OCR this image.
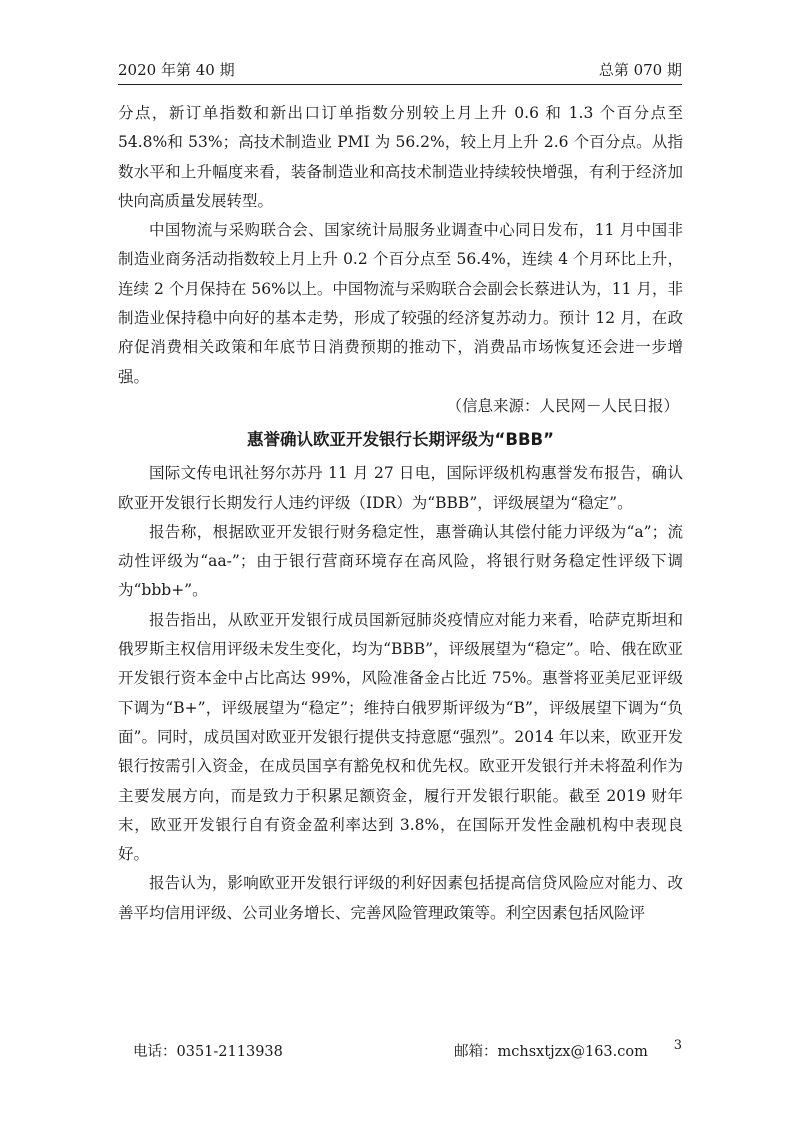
2020 年第 40 期	总第 070 期

分点，新订单指数和新出口订单指数分别较上月上升 0.6 和 1.3 个百分点至 54.8%和 53%；高技术制造业 PMI 为 56.2%，较上月上升 2.6 个百分点。从指数水平和上升幅度来看，装备制造业和高技术制造业持续较快增强，有利于经济加快向高质量发展转型。

中国物流与采购联合会、国家统计局服务业调查中心同日发布，11 月中国非制造业商务活动指数较上月上升 0.2 个百分点至 56.4%，连续 4 个月环比上升，连续 2 个月保持在 56%以上。中国物流与采购联合会副会长蔡进认为，11 月，非制造业保持稳中向好的基本走势，形成了较强的经济复苏动力。预计 12 月，在政府促消费相关政策和年底节日消费预期的推动下，消费品市场恢复还会进一步增强。

（信息来源：人民网－人民日报）

惠誉确认欧亚开发银行长期评级为“BBB”

国际文传电讯社努尔苏丹 11 月 27 日电，国际评级机构惠誉发布报告，确认欧亚开发银行长期发行人违约评级（IDR）为“BBB”，评级展望为“稳定”。

报告称，根据欧亚开发银行财务稳定性，惠誉确认其偿付能力评级为“a”；流动性评级为“aa-”；由于银行营商环境存在高风险，将银行财务稳定性评级下调为“bbb+”。

报告指出，从欧亚开发银行成员国新冠肺炎疫情应对能力来看，哈萨克斯坦和俄罗斯主权信用评级未发生变化，均为“BBB”，评级展望为“稳定”。哈、俄在欧亚开发银行资本金中占比高达 99%，风险准备金占比近 75%。惠誉将亚美尼亚评级下调为“B+”，评级展望为“稳定”；维持白俄罗斯评级为“B”，评级展望下调为“负面”。同时，成员国对欧亚开发银行提供支持意愿“强烈”。2014 年以来，欧亚开发银行按需引入资金，在成员国享有豁免权和优先权。欧亚开发银行并未将盈利作为主要发展方向，而是致力于积累足额资金，履行开发银行职能。截至 2019 财年末，欧亚开发银行自有资金盈利率达到 3.8%，在国际开发性金融机构中表现良好。

报告认为，影响欧亚开发银行评级的利好因素包括提高信贷风险应对能力、改善平均信用评级、公司业务增长、完善风险管理政策等。利空因素包括风险评

电话：0351-2113938	邮箱：mchsxtjzx@163.com 3
